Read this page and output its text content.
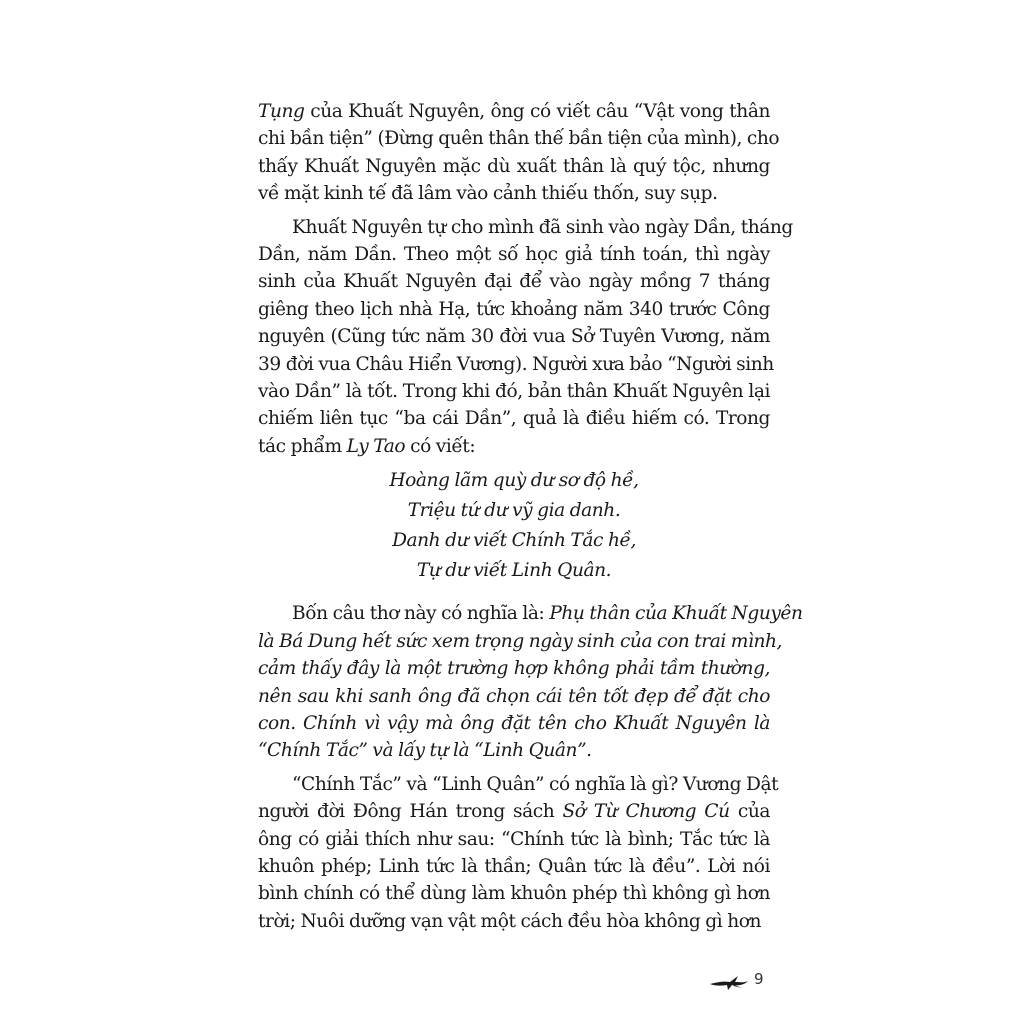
Tụng của Khuất Nguyên, ông có viết câu “Vật vong thân
chi bần tiện” (Đừng quên thân thế bần tiện của mình), cho
thấy Khuất Nguyên mặc dù xuất thân là quý tộc, nhưng
về mặt kinh tế đã lâm vào cảnh thiếu thốn, suy sụp.

Khuất Nguyên tự cho mình đã sinh vào ngày Dần, tháng
Dần, năm Dần. Theo một số học giả tính toán, thì ngày
sinh của Khuất Nguyên đại để vào ngày mồng 7 tháng
giêng theo lịch nhà Hạ, tức khoảng năm 340 trước Công
nguyên (Cũng tức năm 30 đời vua Sở Tuyên Vương, năm
39 đời vua Châu Hiển Vương). Người xưa bảo “Người sinh
vào Dần” là tốt. Trong khi đó, bản thân Khuất Nguyên lại
chiếm liên tục “ba cái Dần”, quả là điều hiếm có. Trong
tác phẩm Ly Tao có viết:

Hoàng lãm quỳ dư sơ độ hề,
Triệu tứ dư vỹ gia danh.
Danh dư viết Chính Tắc hề,
Tự dư viết Linh Quân.

Bốn câu thơ này có nghĩa là: Phụ thân của Khuất Nguyên
là Bá Dung hết sức xem trọng ngày sinh của con trai mình,
cảm thấy đây là một trường hợp không phải tầm thường,
nên sau khi sanh ông đã chọn cái tên tốt đẹp để đặt cho
con. Chính vì vậy mà ông đặt tên cho Khuất Nguyên là
“Chính Tắc” và lấy tự là “Linh Quân”.

“Chính Tắc” và “Linh Quân” có nghĩa là gì? Vương Dật
người đời Đông Hán trong sách Sở Từ Chương Cú của
ông có giải thích như sau: “Chính tức là bình; Tắc tức là
khuôn phép; Linh tức là thần; Quân tức là đều”. Lời nói
bình chính có thể dùng làm khuôn phép thì không gì hơn
trời; Nuôi dưỡng vạn vật một cách đều hòa không gì hơn

9
